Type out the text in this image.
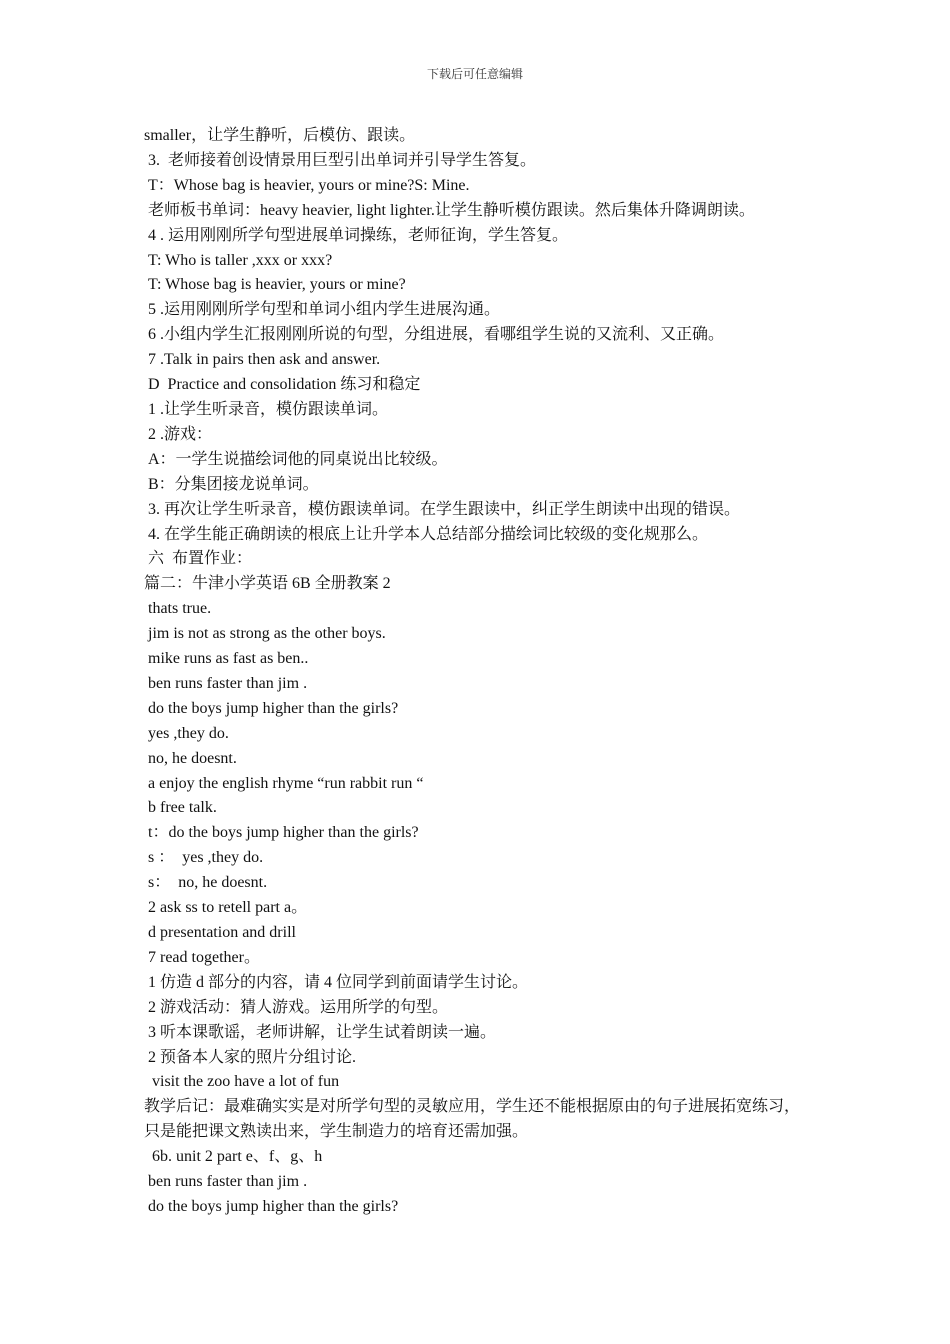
下载后可任意编辑

smaller，让学生静听，后模仿、跟读。

3.  老师接着创设情景用巨型引出单词并引导学生答复。

T：Whose bag is heavier, yours or mine?S: Mine.

老师板书单词：heavy heavier, light lighter.让学生静听模仿跟读。然后集体升降调朗读。

4 . 运用刚刚所学句型进展单词操练，老师征询，学生答复。

T: Who is taller ,xxx or xxx?

T: Whose bag is heavier, yours or mine?

5 .运用刚刚所学句型和单词小组内学生进展沟通。

6 .小组内学生汇报刚刚所说的句型，分组进展，看哪组学生说的又流利、又正确。

7 .Talk in pairs then ask and answer.

D  Practice and consolidation 练习和稳定

1 .让学生听录音，模仿跟读单词。

2 .游戏：

A：一学生说描绘词他的同桌说出比较级。

B：分集团接龙说单词。

3. 再次让学生听录音，模仿跟读单词。在学生跟读中，纠正学生朗读中出现的错误。

4. 在学生能正确朗读的根底上让升学本人总结部分描绘词比较级的变化规那么。

六  布置作业：

篇二：牛津小学英语 6B 全册教案 2

thats true.

jim is not as strong as the other boys.

mike runs as fast as ben..

ben runs faster than jim .

do the boys jump higher than the girls?

yes ,they do.

no, he doesnt.

a enjoy the english rhyme “run rabbit run “

b free talk.

t：do the boys jump higher than the girls?

s ：  yes ,they do.

s：  no, he doesnt.

2 ask ss to retell part a。

d presentation and drill

7 read together。

1 仿造 d 部分的内容，请 4 位同学到前面请学生讨论。

2 游戏活动：猜人游戏。运用所学的句型。

3 听本课歌谣，老师讲解，让学生试着朗读一遍。

2 预备本人家的照片分组讨论.

visit the zoo have a lot of fun

教学后记：最难确实实是对所学句型的灵敏应用，学生还不能根据原由的句子进展拓宽练习，只是能把课文熟读出来，学生制造力的培育还需加强。

6b. unit 2 part e、f、g、h

ben runs faster than jim .

do the boys jump higher than the girls?
